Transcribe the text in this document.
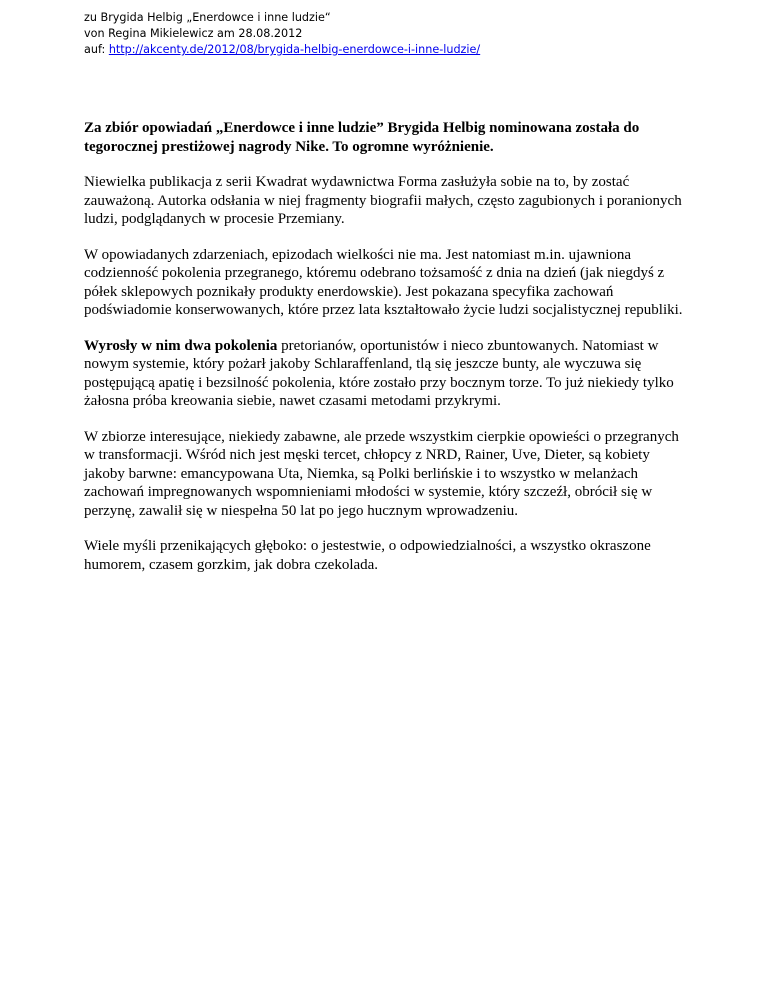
zu Brygida Helbig „Enerdowce i inne ludzie“
von Regina Mikielewicz am 28.08.2012
auf: http://akcenty.de/2012/08/brygida-helbig-enerdowce-i-inne-ludzie/

Za zbiór opowiadań „Enerdowce i inne ludzie” Brygida Helbig nominowana została do tegorocznej prestiżowej nagrody Nike. To ogromne wyróżnienie.

Niewielka publikacja z serii Kwadrat wydawnictwa Forma zasłużyła sobie na to, by zostać zauważoną. Autorka odsłania w niej fragmenty biografii małych, często zagubionych i poranionych ludzi, podglądanych w procesie Przemiany.

W opowiadanych zdarzeniach, epizodach wielkości nie ma. Jest natomiast m.in. ujawniona codzienność pokolenia przegranego, któremu odebrano tożsamość z dnia na dzień (jak niegdyś z półek sklepowych poznikały produkty enerdowskie). Jest pokazana specyfika zachowań podświadomie konserwowanych, które przez lata kształtowało życie ludzi socjalistycznej republiki.

Wyrosły w nim dwa pokolenia pretorianów, oportunistów i nieco zbuntowanych. Natomiast w nowym systemie, który pożarł jakoby Schlaraffenland, tlą się jeszcze bunty, ale wyczuwa się postępującą apatię i bezsilność pokolenia, które zostało przy bocznym torze. To już niekiedy tylko żałosna próba kreowania siebie, nawet czasami metodami przykrymi.

W zbiorze interesujące, niekiedy zabawne, ale przede wszystkim cierpkie opowieści o przegranych w transformacji. Wśród nich jest męski tercet, chłopcy z NRD, Rainer, Uve, Dieter, są kobiety jakoby barwne: emancypowana Uta, Niemka, są Polki berlińskie i to wszystko w melanżach zachowań impregnowanych wspomnieniami młodości w systemie, który szczeźł, obrócił się w perzynę, zawalił się w niespełna 50 lat po jego hucznym wprowadzeniu.

Wiele myśli przenikających głęboko: o jestestwie, o odpowiedzialności, a wszystko okraszone humorem, czasem gorzkim, jak dobra czekolada.
